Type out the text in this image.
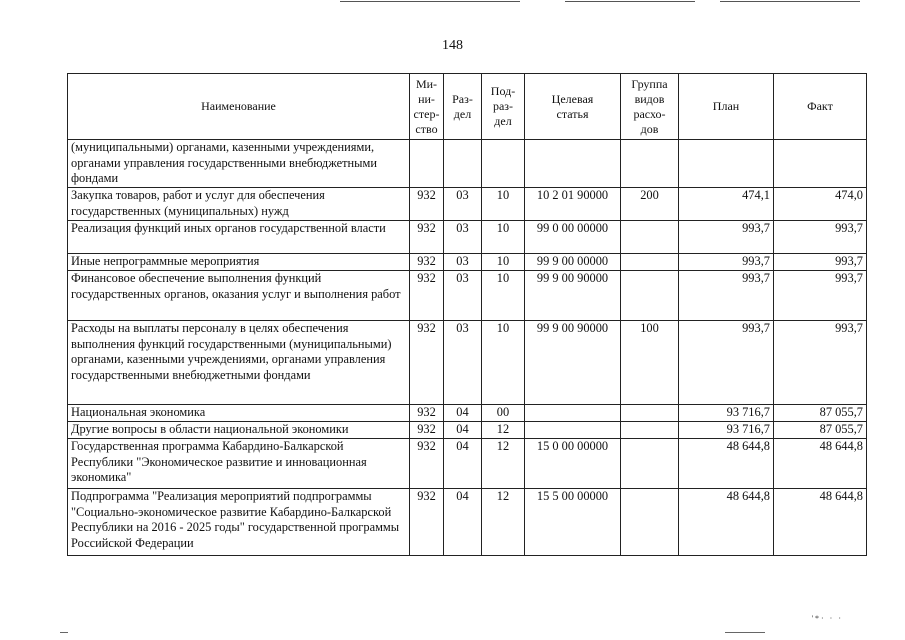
148
Наименование	Ми-
ни-
стер-
ство	Раз-
дел	Под-
раз-
дел	Целевая
статья	Группа
видов
расхо-
дов	План	Факт
(муниципальными) органами, казенными учреждениями, органами управления государственными внебюджетными фондами							
Закупка товаров, работ и услуг для обеспечения государственных (муниципальных) нужд	932	03	10	10 2 01 90000	200	474,1	474,0
Реализация функций иных органов государственной власти	932	03	10	99 0 00 00000		993,7	993,7
Иные непрограммные мероприятия	932	03	10	99 9 00 00000		993,7	993,7
Финансовое обеспечение выполнения функций государственных органов, оказания услуг и выполнения работ	932	03	10	99 9 00 90000		993,7	993,7
Расходы на выплаты персоналу в целях обеспечения выполнения функций государственными (муниципальными) органами, казенными учреждениями, органами управления государственными внебюджетными фондами	932	03	10	99 9 00 90000	100	993,7	993,7
Национальная экономика	932	04	00			93 716,7	87 055,7
Другие вопросы в области национальной экономики	932	04	12			93 716,7	87 055,7
Государственная программа Кабардино-Балкарской Республики "Экономическое развитие и инновационная экономика"	932	04	12	15 0 00 00000		48 644,8	48 644,8
Подпрограмма "Реализация мероприятий подпрограммы "Социально-экономическое развитие Кабардино-Балкарской Республики на 2016 - 2025 годы" государственной программы Российской Федерации	932	04	12	15 5 00 00000		48 644,8	48 644,8
'*· · ·
